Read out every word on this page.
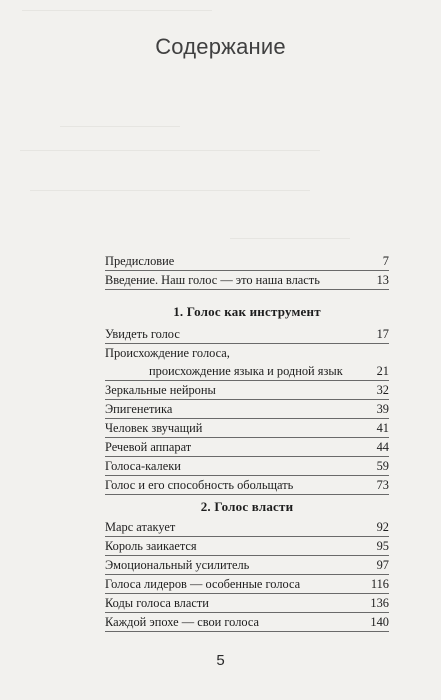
Содержание
Предисловие	7
Введение. Наш голос — это наша власть	13
1. Голос как инструмент
Увидеть голос	17
Происхождение голоса,
происхождение языка и родной язык	21
Зеркальные нейроны	32
Эпигенетика	39
Человек звучащий	41
Речевой аппарат	44
Голоса-калеки	59
Голос и его способность обольщать	73
2. Голос власти
Марс атакует	92
Король заикается	95
Эмоциональный усилитель	97
Голоса лидеров — особенные голоса	116
Коды голоса власти	136
Каждой эпохе — свои голоса	140
5
